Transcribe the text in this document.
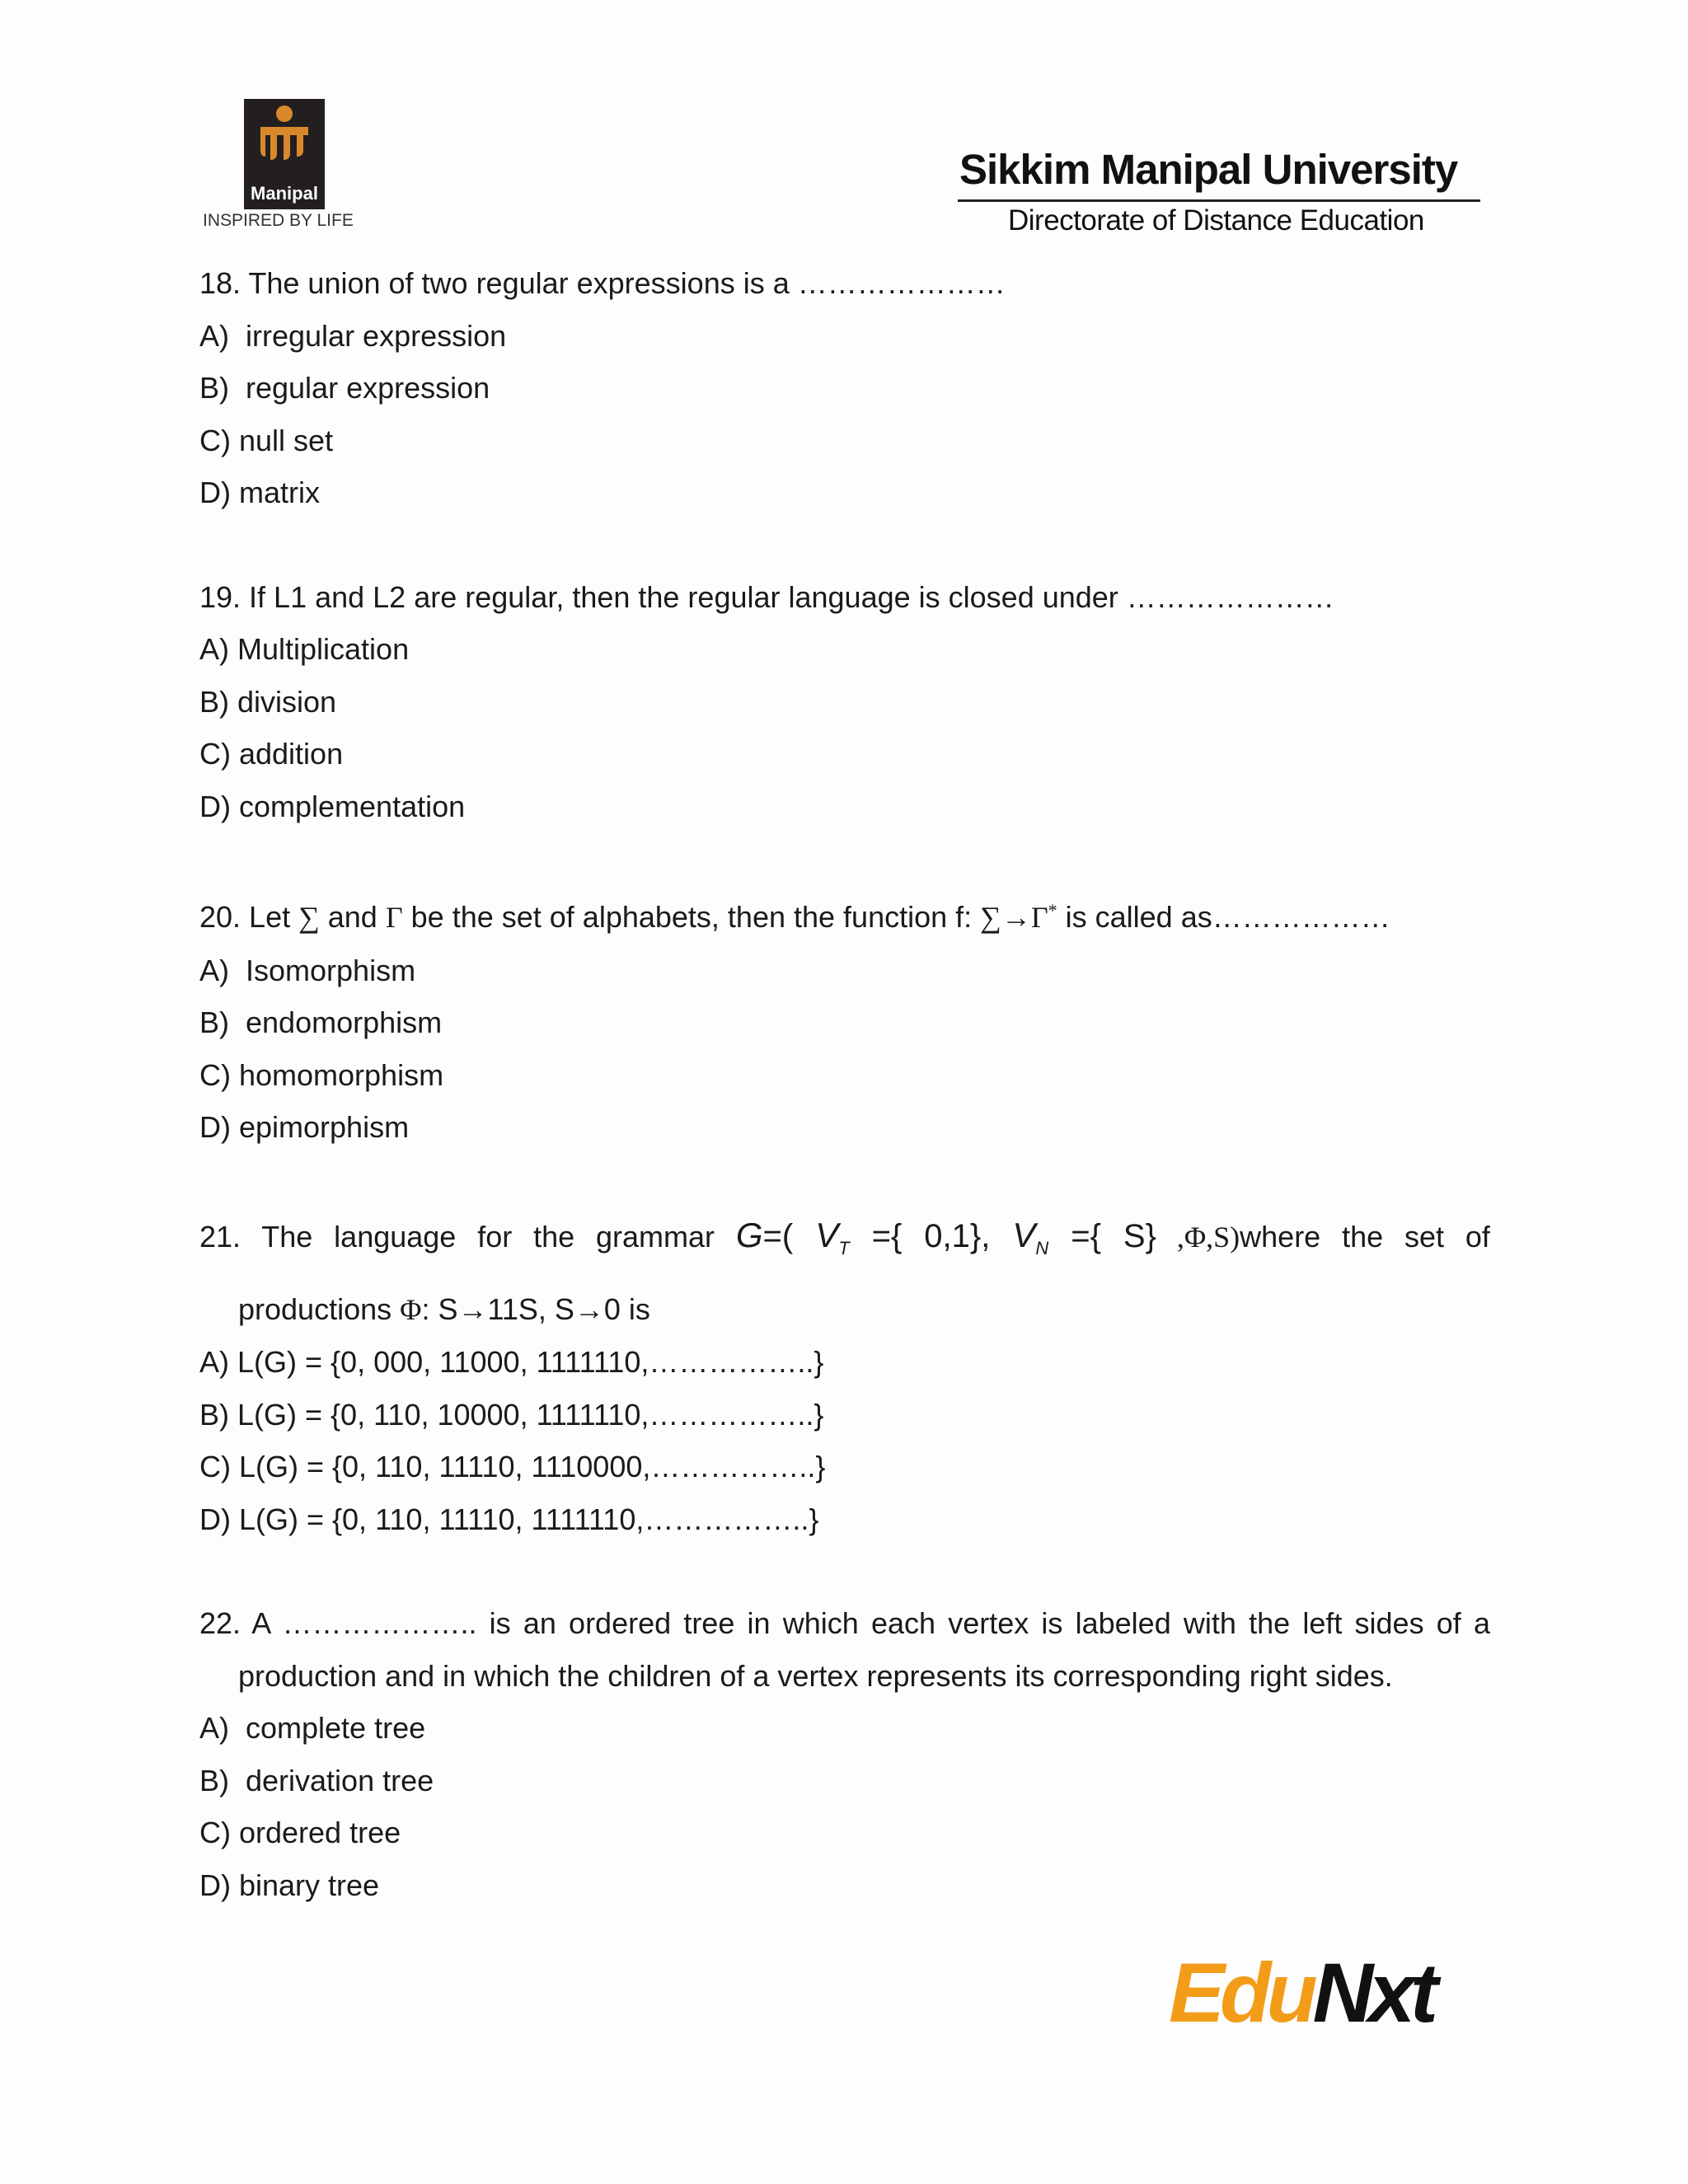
Manipal
INSPIRED BY LIFE
Sikkim Manipal University
Directorate of Distance Education
18. The union of two regular expressions is a …………………
A)  irregular expression
B)  regular expression
C) null set
D) matrix
19. If L1 and L2 are regular, then the regular language is closed under …………………
A) Multiplication
B) division
C) addition
D) complementation
20. Let ∑ and Γ be the set of alphabets, then the function f: ∑→Γ* is called as………………
A)  Isomorphism
B)  endomorphism
C) homomorphism
D) epimorphism
21. The language for the grammar G=( $V_T$ ={ 0,1}, $V_N$ ={ S} ,Φ,S)where the set of
productions Φ: S→11S, S→0 is
A) L(G) = {0, 000, 11000, 1111110,……………..}
B) L(G) = {0, 110, 10000, 1111110,……………..}
C) L(G) = {0, 110, 11110, 1110000,……………..}
D) L(G) = {0, 110, 11110, 1111110,……………..}
22. A ……………….. is an ordered tree in which each vertex is labeled with the left sides of a
production and in which the children of a vertex represents its corresponding right sides.
A)  complete tree
B)  derivation tree
C) ordered tree
D) binary tree
EduNxt
